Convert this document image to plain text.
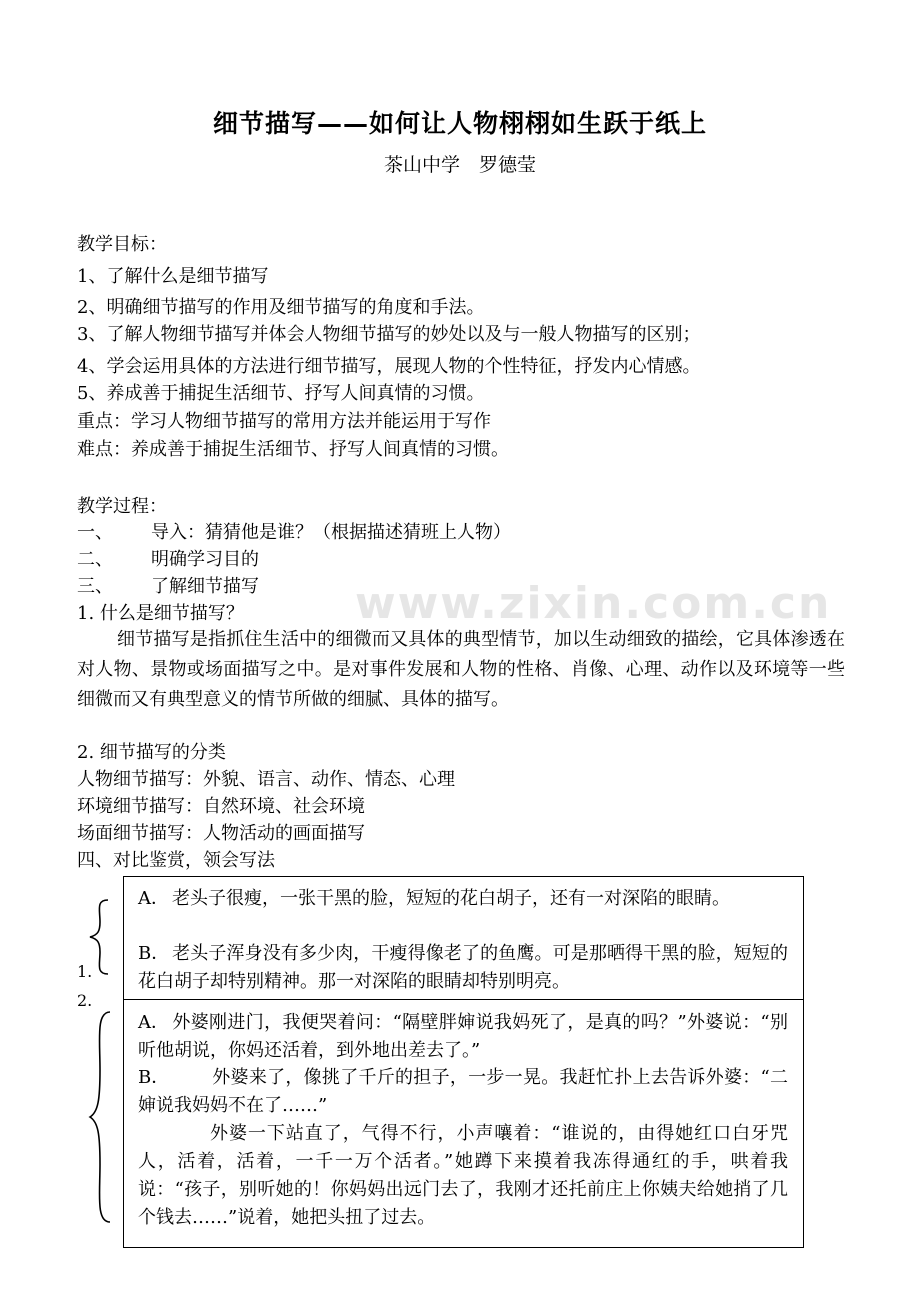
细节描写——如何让人物栩栩如生跃于纸上
茶山中学　罗德莹
教学目标：
1、了解什么是细节描写
2、明确细节描写的作用及细节描写的角度和手法。
3、了解人物细节描写并体会人物细节描写的妙处以及与一般人物描写的区别；
4、学会运用具体的方法进行细节描写，展现人物的个性特征，抒发内心情感。
5、养成善于捕捉生活细节、抒写人间真情的习惯。
重点：学习人物细节描写的常用方法并能运用于写作
难点：养成善于捕捉生活细节、抒写人间真情的习惯。
www.zixin.com.cn
教学过程：
一、 导入：猜猜他是谁？（根据描述猜班上人物）
二、 明确学习目的
三、 了解细节描写
1. 什么是细节描写？
细节描写是指抓住生活中的细微而又具体的典型情节，加以生动细致的描绘，它具体渗透在对人物、景物或场面描写之中。是对事件发展和人物的性格、肖像、心理、动作以及环境等一些细微而又有典型意义的情节所做的细腻、具体的描写。
2. 细节描写的分类
人物细节描写：外貌、语言、动作、情态、心理
环境细节描写：自然环境、社会环境
场面细节描写：人物活动的画面描写
四、对比鉴赏，领会写法
1.
2.
A． 老头子很瘦，一张干黑的脸，短短的花白胡子，还有一对深陷的眼睛。
B． 老头子浑身没有多少肉，干瘦得像老了的鱼鹰。可是那晒得干黑的脸，短短的花白胡子却特别精神。那一对深陷的眼睛却特别明亮。
A． 外婆刚进门，我便哭着问：“隔壁胖婶说我妈死了，是真的吗？”外婆说：“别听他胡说，你妈还活着，到外地出差去了。”
B． 外婆来了，像挑了千斤的担子，一步一晃。我赶忙扑上去告诉外婆：“二婶说我妈妈不在了……”
外婆一下站直了，气得不行，小声嚷着：“谁说的，由得她红口白牙咒人，活着，活着，一千一万个活者。”她蹲下来摸着我冻得通红的手，哄着我说：“孩子，别听她的！你妈妈出远门去了，我刚才还托前庄上你姨夫给她捎了几个钱去……”说着，她把头扭了过去。
